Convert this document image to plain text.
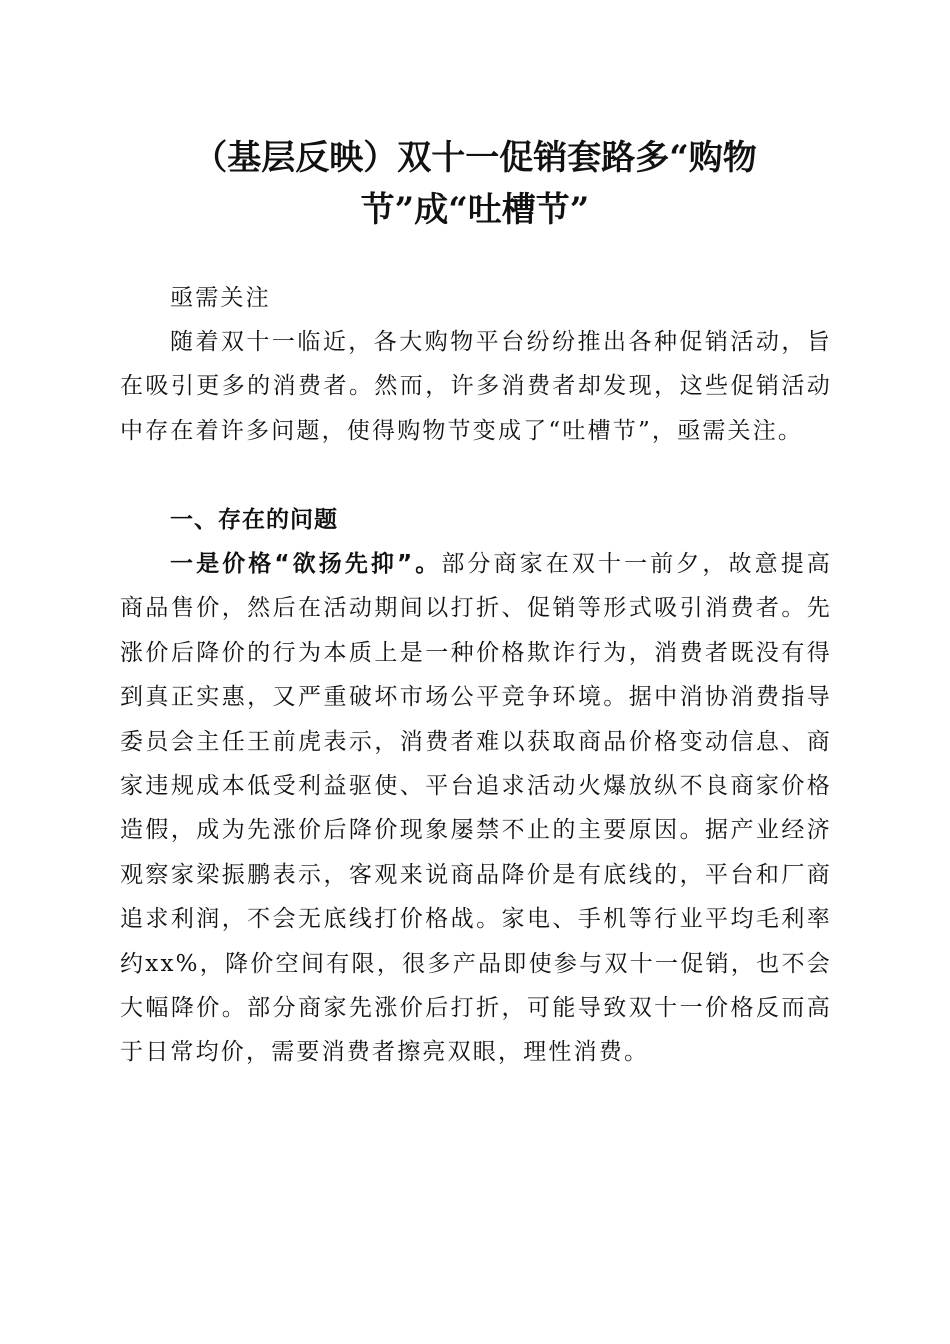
（基层反映）双十一促销套路多“购物
节”成“吐槽节”

亟需关注

随着双十一临近，各大购物平台纷纷推出各种促销活动，旨在吸引更多的消费者。然而，许多消费者却发现，这些促销活动中存在着许多问题，使得购物节变成了“吐槽节”，亟需关注。

一、存在的问题

一是价格“欲扬先抑”。部分商家在双十一前夕，故意提高商品售价，然后在活动期间以打折、促销等形式吸引消费者。先涨价后降价的行为本质上是一种价格欺诈行为，消费者既没有得到真正实惠，又严重破坏市场公平竞争环境。据中消协消费指导委员会主任王前虎表示，消费者难以获取商品价格变动信息、商家违规成本低受利益驱使、平台追求活动火爆放纵不良商家价格造假，成为先涨价后降价现象屡禁不止的主要原因。据产业经济观察家梁振鹏表示，客观来说商品降价是有底线的，平台和厂商追求利润，不会无底线打价格战。家电、手机等行业平均毛利率约xx%，降价空间有限，很多产品即使参与双十一促销，也不会大幅降价。部分商家先涨价后打折，可能导致双十一价格反而高于日常均价，需要消费者擦亮双眼，理性消费。
